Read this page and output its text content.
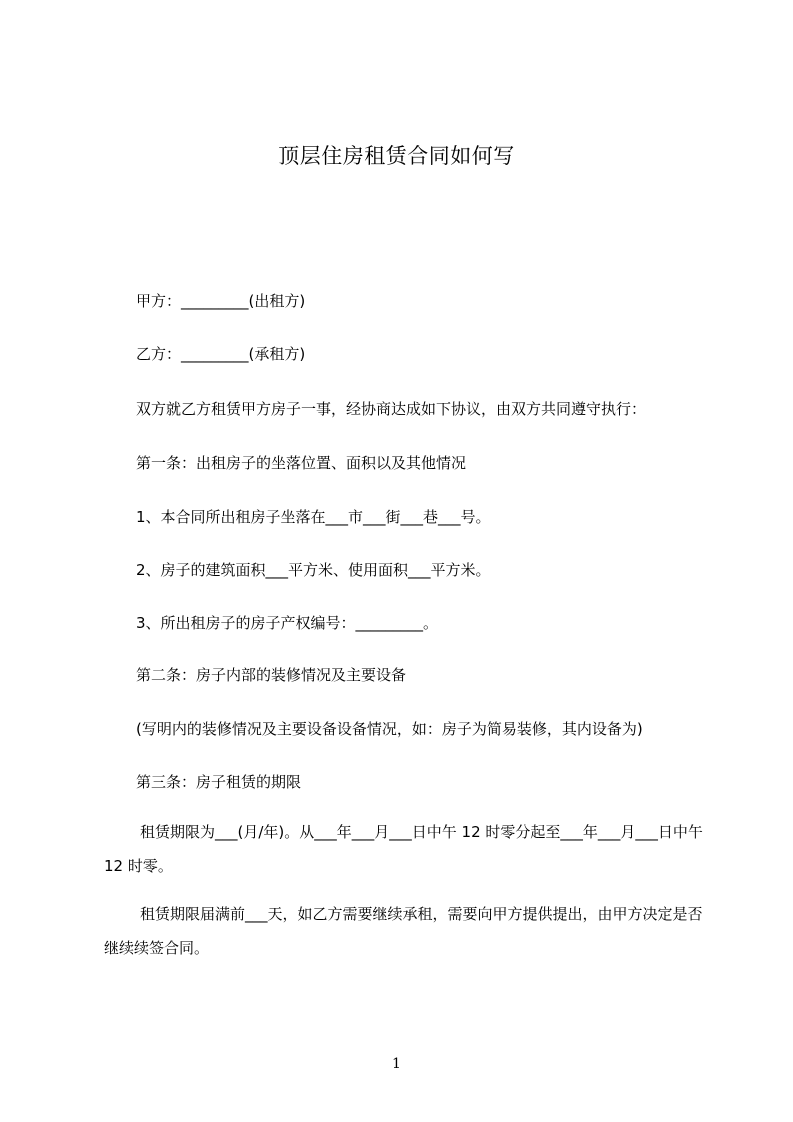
顶层住房租赁合同如何写
甲方：_________(出租方)
乙方：_________(承租方)
双方就乙方租赁甲方房子一事，经协商达成如下协议，由双方共同遵守执行：
第一条：出租房子的坐落位置、面积以及其他情况
1、本合同所出租房子坐落在___市___街___巷___号。
2、房子的建筑面积___平方米、使用面积___平方米。
3、所出租房子的房子产权编号：_________。
第二条：房子内部的装修情况及主要设备
(写明内的装修情况及主要设备设备情况，如：房子为简易装修，其内设备为)
第三条：房子租赁的期限
租赁期限为___(月/年)。从___年___月___日中午 12 时零分起至___年___月___日中午 12 时零。
租赁期限届满前___天，如乙方需要继续承租，需要向甲方提供提出，由甲方决定是否继续续签合同。
1
